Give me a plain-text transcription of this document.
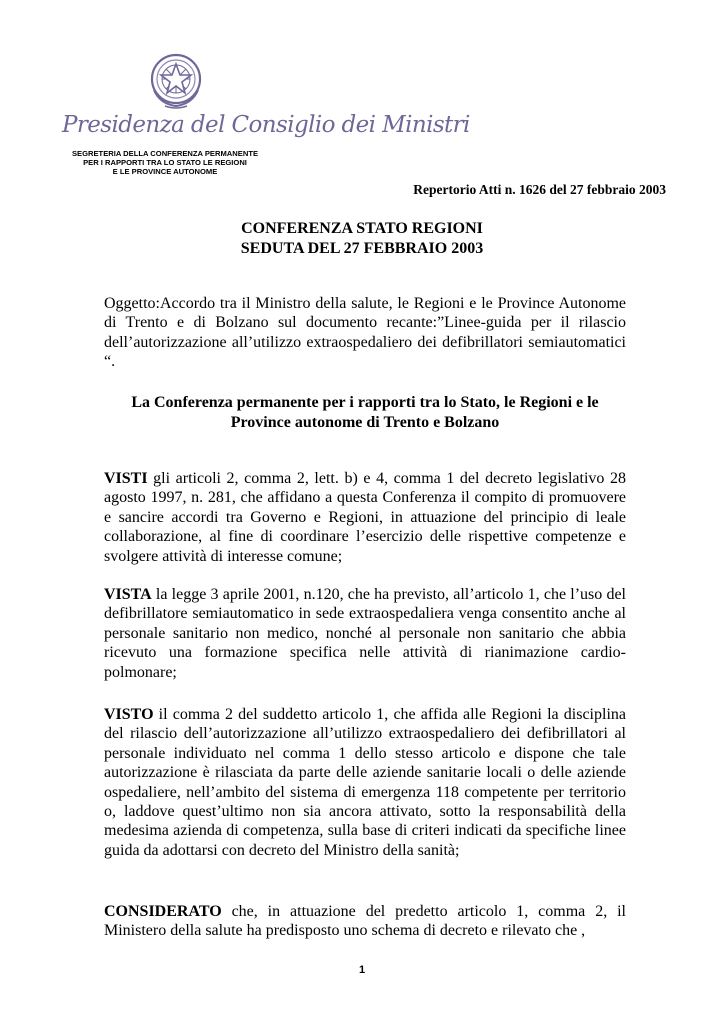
Presidenza del Consiglio dei Ministri
SEGRETERIA DELLA CONFERENZA PERMANENTE
PER I RAPPORTI TRA LO STATO LE REGIONI
E LE PROVINCE AUTONOME
Repertorio Atti n. 1626 del 27 febbraio 2003
CONFERENZA STATO REGIONI
SEDUTA DEL 27 FEBBRAIO 2003
Oggetto:Accordo tra il Ministro della salute, le Regioni e le Province Autonome di Trento e di Bolzano sul documento recante:”Linee-guida per il rilascio dell’autorizzazione all’utilizzo extraospedaliero dei defibrillatori semiautomatici “.
La Conferenza permanente per i rapporti tra lo Stato, le Regioni e le Province autonome di Trento e Bolzano
VISTI gli articoli 2, comma 2, lett. b) e 4, comma 1 del decreto legislativo 28 agosto 1997, n. 281, che affidano a questa Conferenza il compito di promuovere e sancire accordi tra Governo e Regioni, in attuazione del principio di leale collaborazione, al fine di coordinare l’esercizio delle rispettive competenze e svolgere attività di interesse comune;
VISTA la legge 3 aprile 2001, n.120, che ha previsto, all’articolo 1, che l’uso del defibrillatore semiautomatico in sede extraospedaliera venga consentito anche al personale sanitario non medico, nonché al personale non sanitario che abbia ricevuto una formazione specifica nelle attività di rianimazione cardio-polmonare;
VISTO il comma 2 del suddetto articolo 1, che affida alle Regioni la disciplina del rilascio dell’autorizzazione all’utilizzo extraospedaliero dei defibrillatori al personale individuato nel comma 1 dello stesso articolo e dispone che tale autorizzazione è rilasciata da parte delle aziende sanitarie locali o delle aziende ospedaliere, nell’ambito del sistema di emergenza 118 competente per territorio o, laddove quest’ultimo non sia ancora attivato, sotto la responsabilità della medesima azienda di competenza, sulla base di criteri indicati da specifiche linee guida da adottarsi con decreto del Ministro della sanità;
CONSIDERATO che, in attuazione del predetto articolo 1, comma 2, il Ministero della salute ha predisposto uno schema di decreto e rilevato che ,
1
